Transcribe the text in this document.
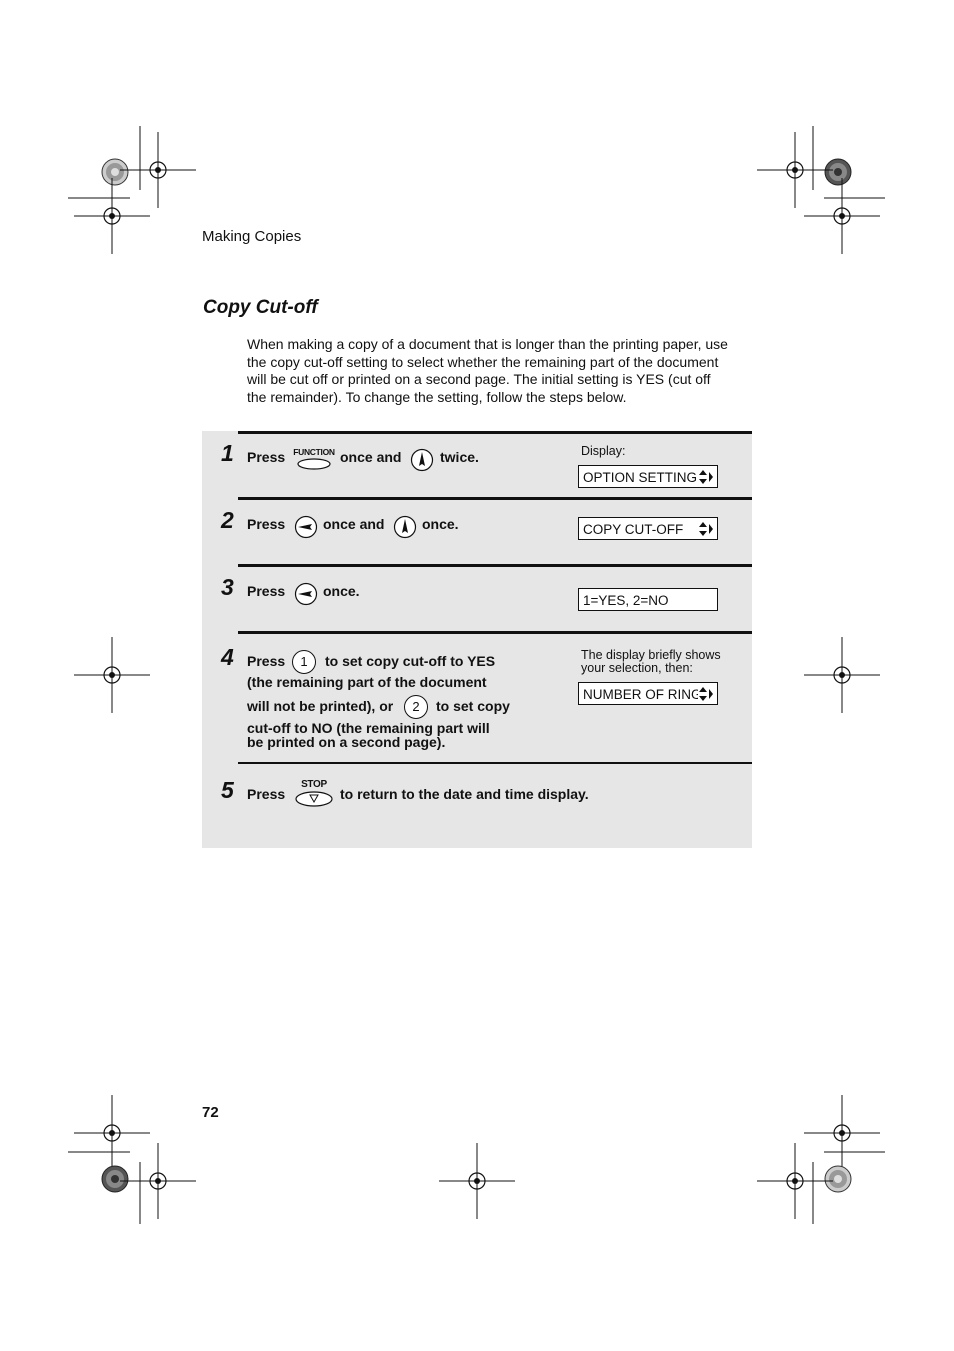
Making Copies
Copy Cut-off
When making a copy of a document that is longer than the printing paper, use
the copy cut-off setting to select whether the remaining part of the document
will be cut off or printed on a second page. The initial setting is YES (cut off
the remainder). To change the setting, follow the steps below.
1 Press FUNCTION once and	twice.	Display:
OPTION SETTING
2 Press	once and	once.	COPY CUT-OFF
3 Press	once.
1=YES, 2=NO
4 Press	1	to set copy cut-off to YES
(the remaining part of the document
will not be printed), or	2	to set copy
cut-off to NO (the remaining part will
be printed on a second page).
The display briefly shows
your selection, then:
NUMBER OF RING
5 Press
STOP
to return to the date and time display.
72
